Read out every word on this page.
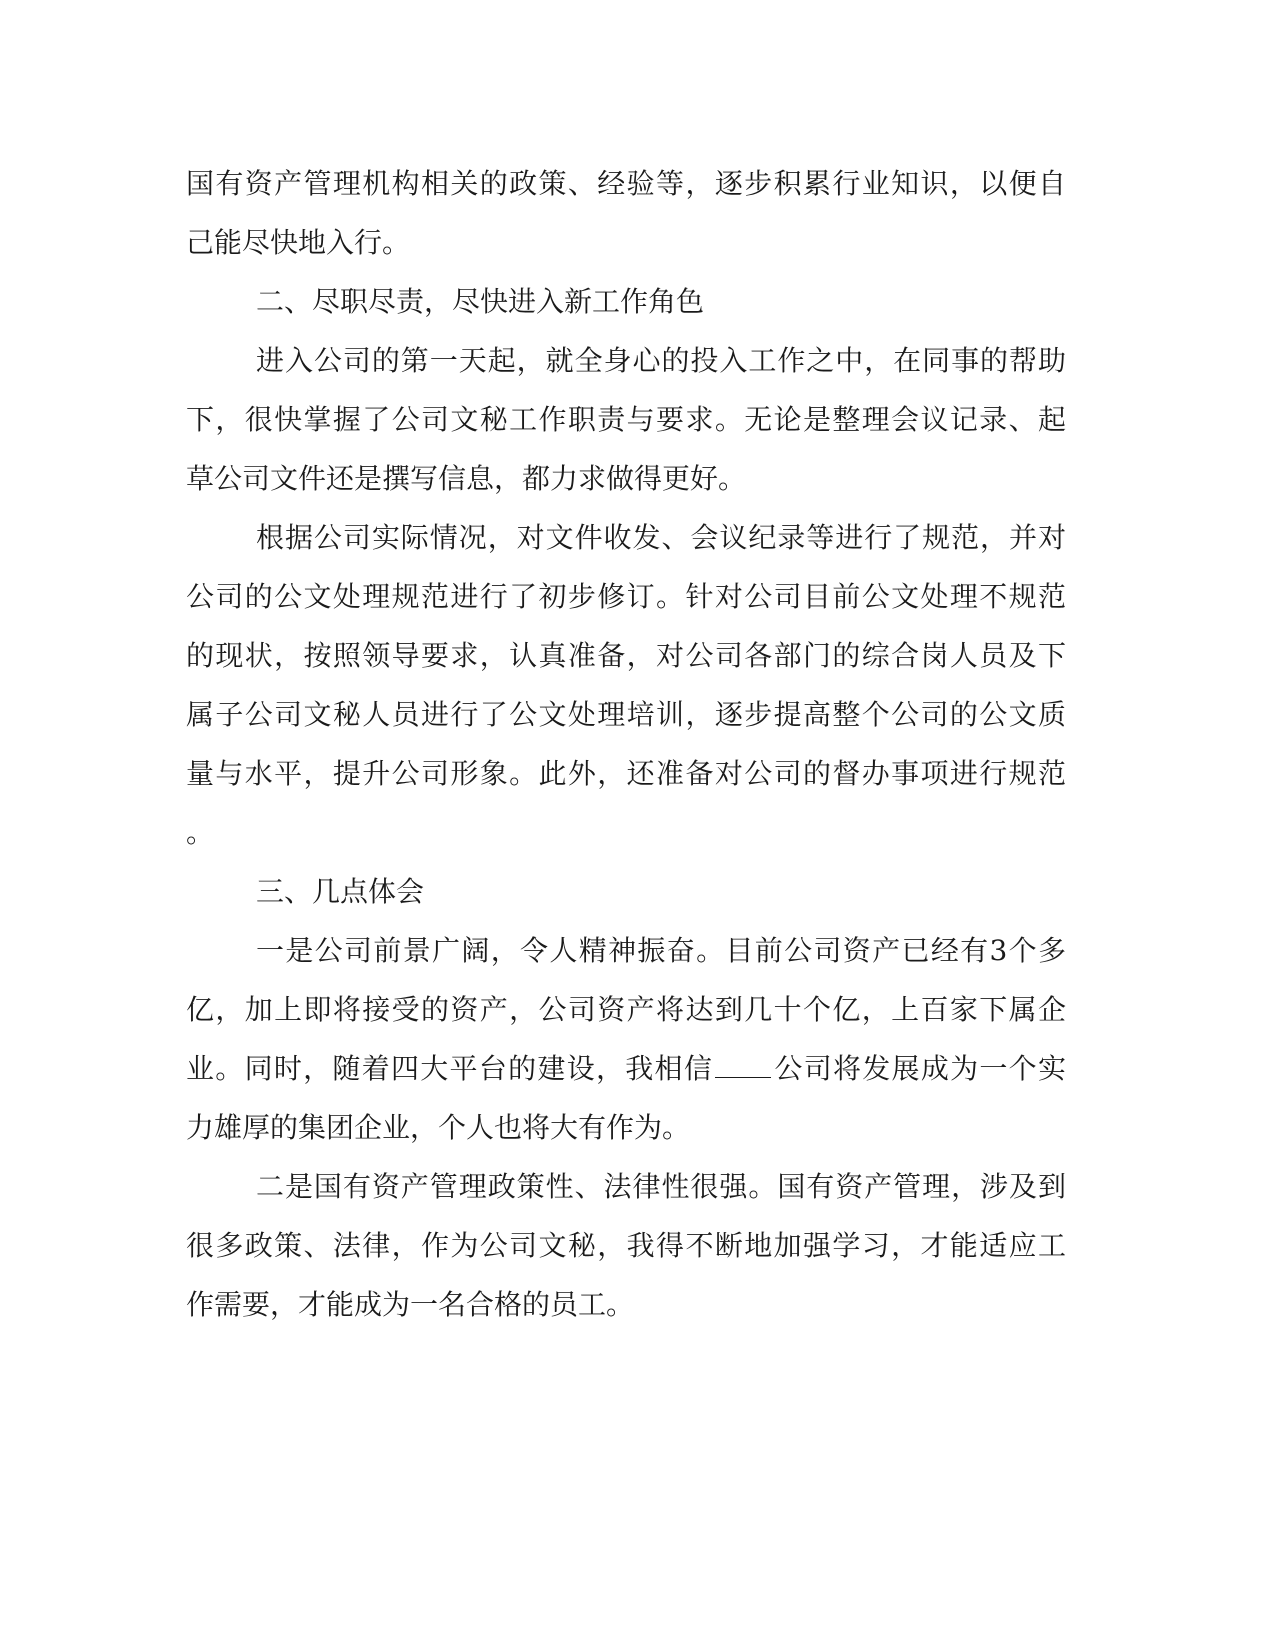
国有资产管理机构相关的政策、经验等，逐步积累行业知识，以便自
己能尽快地入行。
二、尽职尽责，尽快进入新工作角色
进入公司的第一天起，就全身心的投入工作之中，在同事的帮助
下，很快掌握了公司文秘工作职责与要求。无论是整理会议记录、起
草公司文件还是撰写信息，都力求做得更好。
根据公司实际情况，对文件收发、会议纪录等进行了规范，并对
公司的公文处理规范进行了初步修订。针对公司目前公文处理不规范
的现状，按照领导要求，认真准备，对公司各部门的综合岗人员及下
属子公司文秘人员进行了公文处理培训，逐步提高整个公司的公文质
量与水平，提升公司形象。此外，还准备对公司的督办事项进行规范
。
三、几点体会
一是公司前景广阔，令人精神振奋。目前公司资产已经有3个多
亿，加上即将接受的资产，公司资产将达到几十个亿，上百家下属企
业。同时，随着四大平台的建设，我相信 公司将发展成为一个实
力雄厚的集团企业，个人也将大有作为。
二是国有资产管理政策性、法律性很强。国有资产管理，涉及到
很多政策、法律，作为公司文秘，我得不断地加强学习，才能适应工
作需要，才能成为一名合格的员工。
